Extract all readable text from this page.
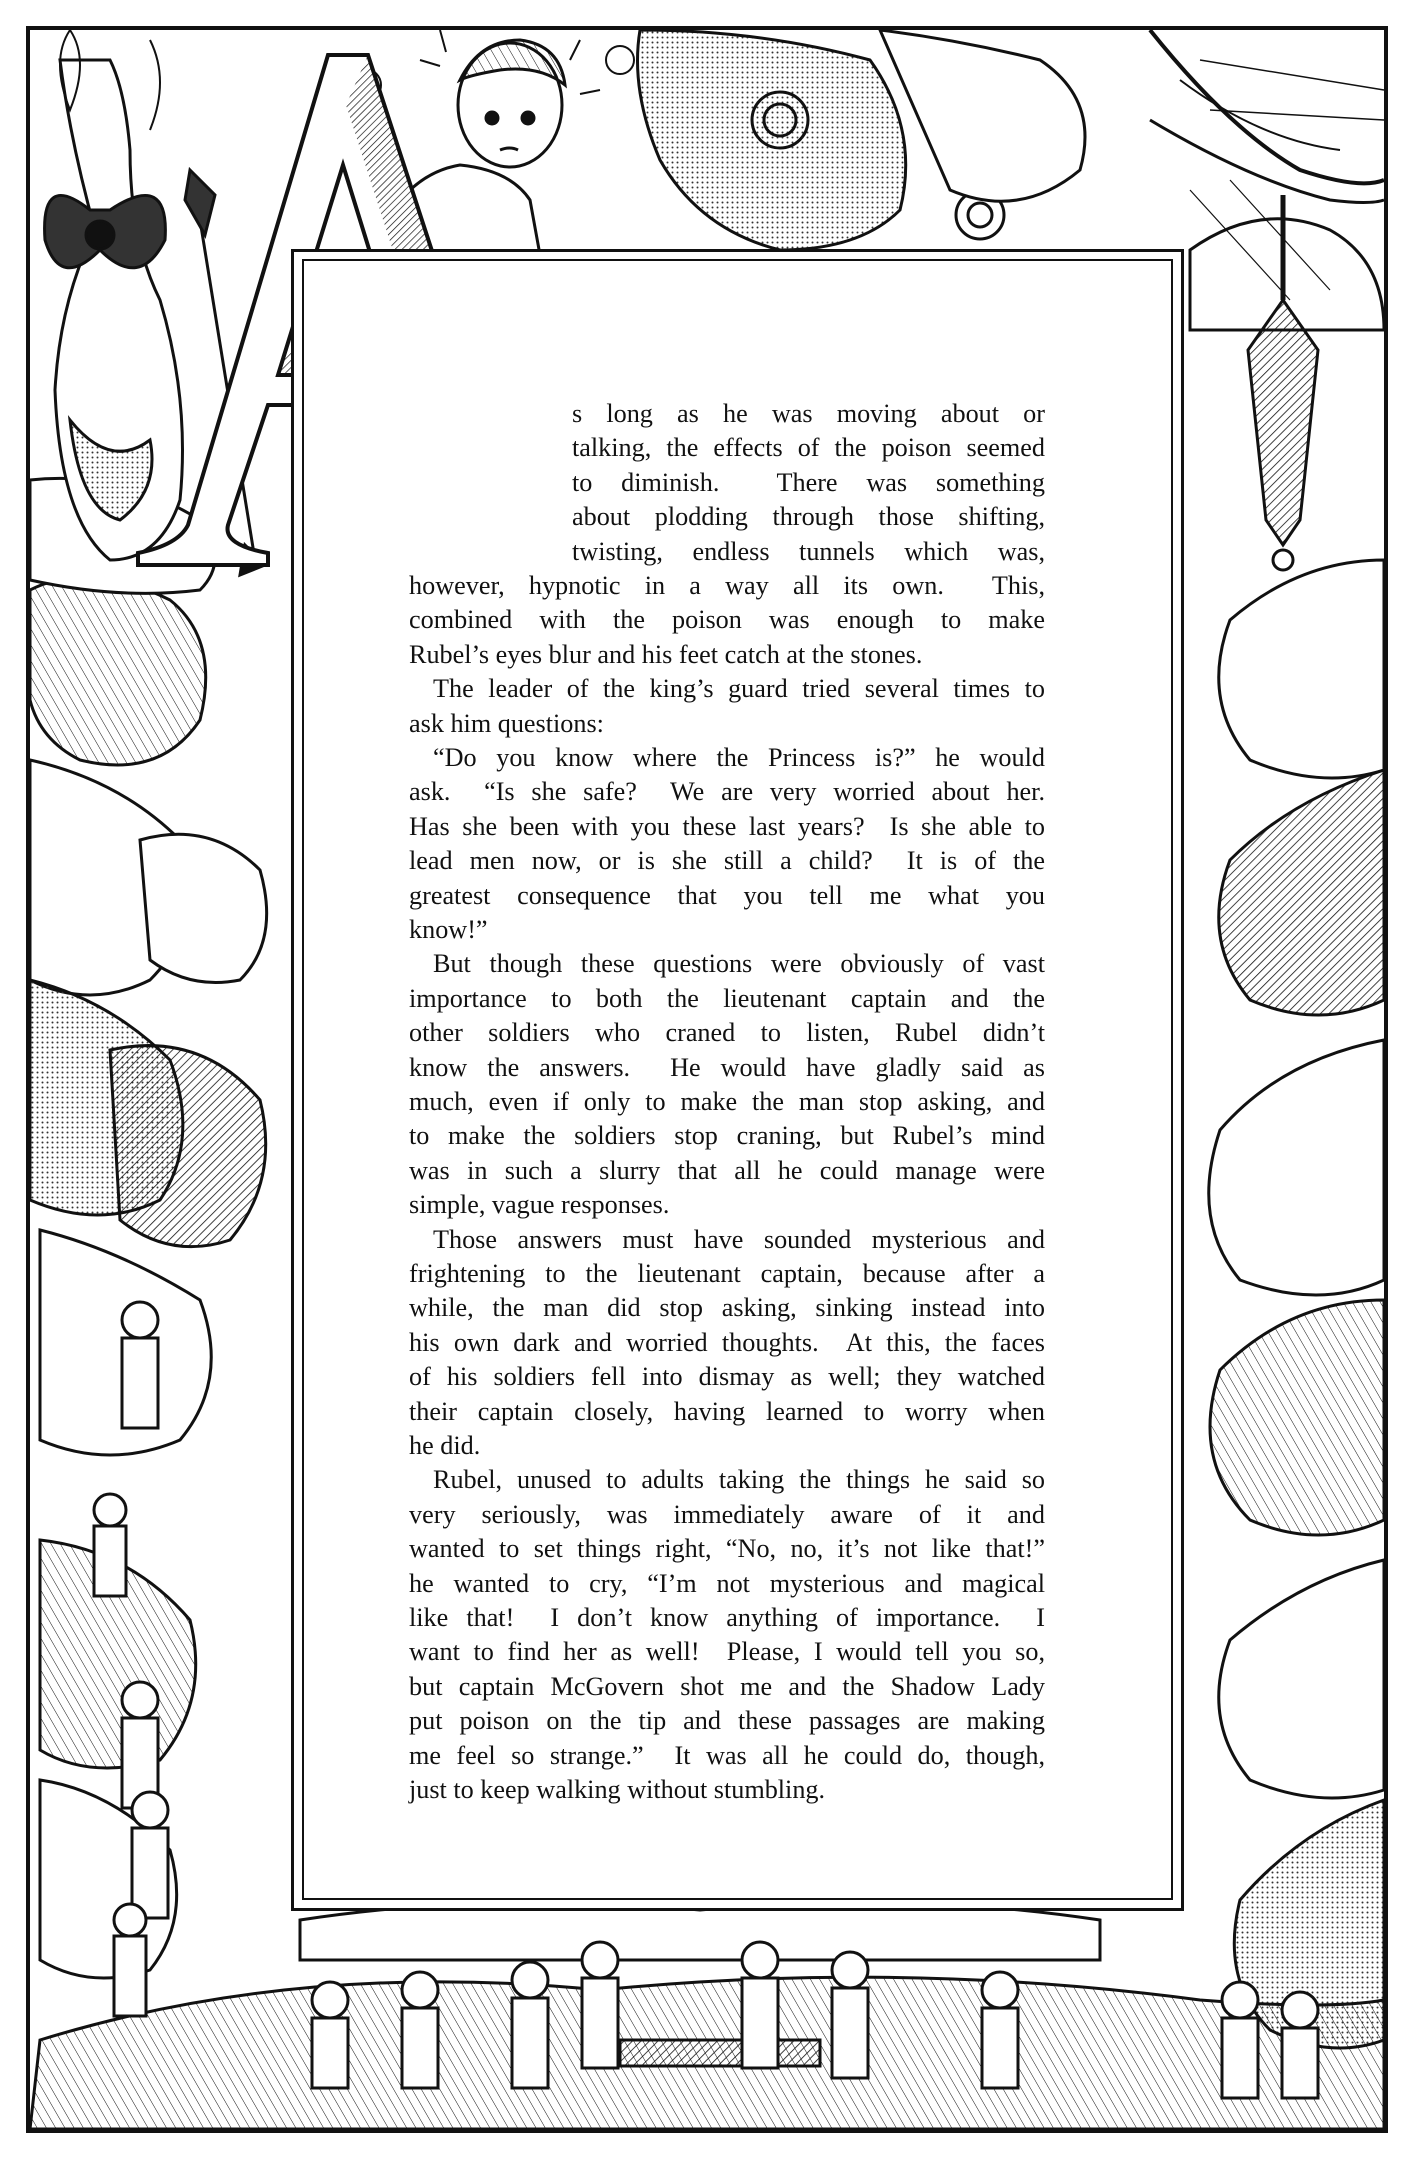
s long as he was moving about or
talking, the effects of the poison seemed
to diminish.  There was something
about plodding through those shifting,
twisting, endless tunnels which was,
however, hypnotic in a way all its own.  This,
combined with the poison was enough to make
Rubel’s eyes blur and his feet catch at the stones.
The leader of the king’s guard tried several times to
ask him questions:
“Do you know where the Princess is?” he would
ask.  “Is she safe?  We are very worried about her.
Has she been with you these last years?  Is she able to
lead men now, or is she still a child?  It is of the
greatest consequence that you tell me what you
know!”
But though these questions were obviously of vast
importance to both the lieutenant captain and the
other soldiers who craned to listen, Rubel didn’t
know the answers.  He would have gladly said as
much, even if only to make the man stop asking, and
to make the soldiers stop craning, but Rubel’s mind
was in such a slurry that all he could manage were
simple, vague responses.
Those answers must have sounded mysterious and
frightening to the lieutenant captain, because after a
while, the man did stop asking, sinking instead into
his own dark and worried thoughts.  At this, the faces
of his soldiers fell into dismay as well; they watched
their captain closely, having learned to worry when
he did.
Rubel, unused to adults taking the things he said so
very seriously, was immediately aware of it and
wanted to set things right, “No, no, it’s not like that!”
he wanted to cry, “I’m not mysterious and magical
like that!  I don’t know anything of importance.  I
want to find her as well!  Please, I would tell you so,
but captain McGovern shot me and the Shadow Lady
put poison on the tip and these passages are making
me feel so strange.”  It was all he could do, though,
just to keep walking without stumbling.
